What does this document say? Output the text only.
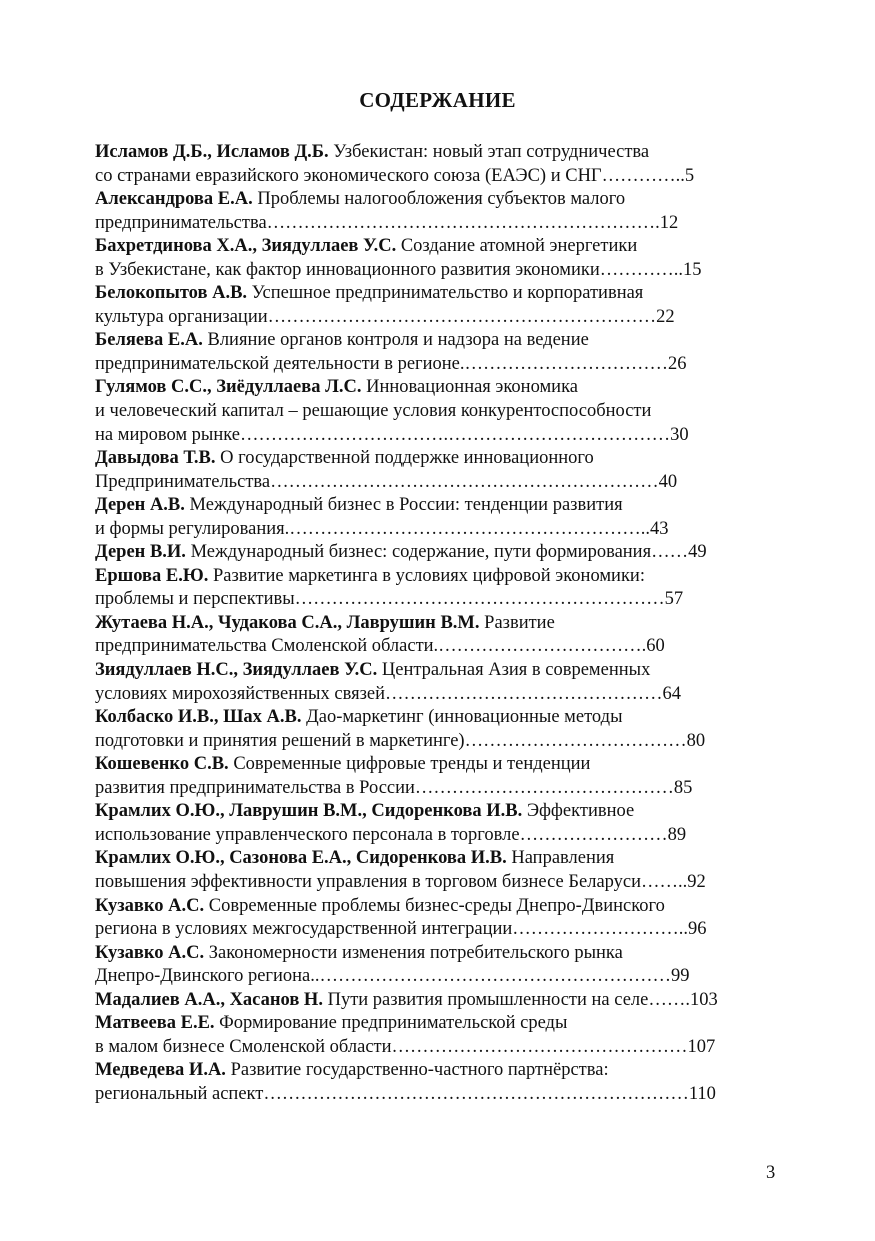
СОДЕРЖАНИЕ
Исламов Д.Б., Исламов Д.Б. Узбекистан: новый этап сотрудничества
со странами евразийского экономического союза (ЕАЭС) и СНГ…………..5
Александрова Е.А. Проблемы налогообложения субъектов малого
предпринимательства……………………………………………………….12
Бахретдинова Х.А., Зиядуллаев У.С. Создание атомной энергетики
в Узбекистане, как фактор инновационного развития экономики…………..15
Белокопытов А.В. Успешное предпринимательство и корпоративная
культура организации………………………………………………………22
Беляева Е.А. Влияние органов контроля и надзора на ведение
предпринимательской деятельности в регионе.……………………………26
Гулямов С.С., Зиёдуллаева Л.С. Инновационная экономика
и человеческий капитал – решающие условия конкурентоспособности
на мировом рынке…………………………….………………………………30
Давыдова Т.В. О государственной поддержке инновационного
Предпринимательства………………………………………………………40
Дерен А.В. Международный бизнес в России: тенденции развития
и формы регулирования.…………………………………………………..43
Дерен В.И. Международный бизнес: содержание, пути формирования……49
Ершова Е.Ю. Развитие маркетинга в условиях цифровой экономики:
проблемы и перспективы……………………………………………………57
Жутаева Н.А., Чудакова С.А., Лаврушин В.М. Развитие
предпринимательства Смоленской области.…………………………….60
Зиядуллаев Н.С., Зиядуллаев У.С. Центральная Азия в современных
условиях мирохозяйственных связей………………………………………64
Колбаско И.В., Шах А.В. Дао-маркетинг (инновационные методы
подготовки и принятия решений в маркетинге)………………………………80
Кошевенко С.В. Современные цифровые тренды и тенденции
развития предпринимательства в России……………………………………85
Крамлих О.Ю., Лаврушин В.М., Сидоренкова И.В. Эффективное
использование управленческого персонала в торговле……………………89
Крамлих О.Ю., Сазонова Е.А., Сидоренкова И.В. Направления
повышения эффективности управления в торговом бизнесе Беларуси……..92
Кузавко А.С. Современные проблемы бизнес-среды Днепро-Двинского
региона в условиях межгосударственной интеграции………………………..96
Кузавко А.С. Закономерности изменения потребительского рынка
Днепро-Двинского региона..…………………………………………………99
Мадалиев А.А., Хасанов Н. Пути развития промышленности на селе…….103
Матвеева Е.Е. Формирование предпринимательской среды
в малом бизнесе Смоленской области…………………………………………107
Медведева И.А. Развитие государственно-частного партнёрства:
региональный аспект……………………………………………………………110
3
